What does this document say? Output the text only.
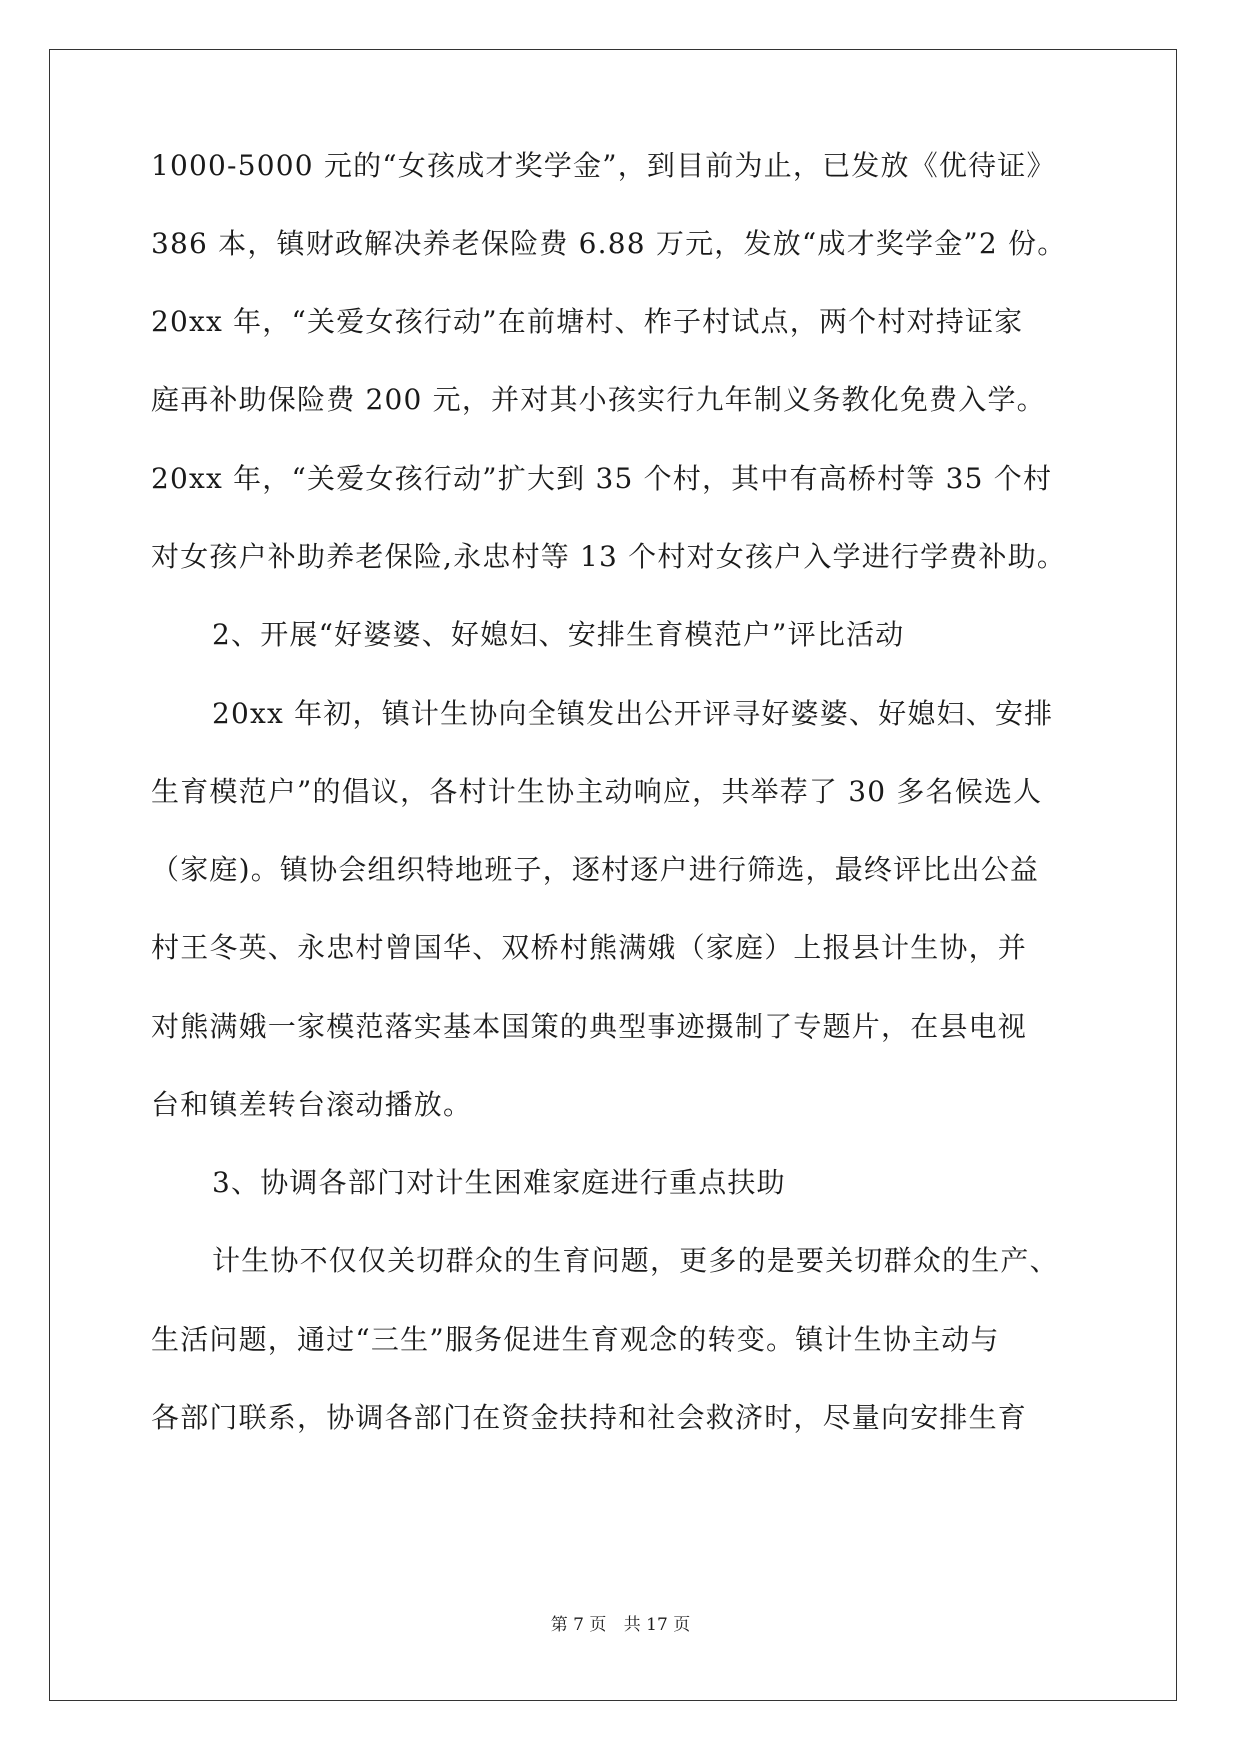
1000-5000 元的“女孩成才奖学金”，到目前为止，已发放《优待证》
386 本，镇财政解决养老保险费 6.88 万元，发放“成才奖学金”2 份。
20xx 年，“关爱女孩行动”在前塘村、柞子村试点，两个村对持证家
庭再补助保险费 200 元，并对其小孩实行九年制义务教化免费入学。
20xx 年，“关爱女孩行动”扩大到 35 个村，其中有高桥村等 35 个村
对女孩户补助养老保险,永忠村等 13 个村对女孩户入学进行学费补助。
2、开展“好婆婆、好媳妇、安排生育模范户”评比活动
20xx 年初，镇计生协向全镇发出公开评寻好婆婆、好媳妇、安排
生育模范户”的倡议，各村计生协主动响应，共举荐了 30 多名候选人
（家庭)。镇协会组织特地班子，逐村逐户进行筛选，最终评比出公益
村王冬英、永忠村曾国华、双桥村熊满娥（家庭）上报县计生协，并
对熊满娥一家模范落实基本国策的典型事迹摄制了专题片，在县电视
台和镇差转台滚动播放。
3、协调各部门对计生困难家庭进行重点扶助
计生协不仅仅关切群众的生育问题，更多的是要关切群众的生产、
生活问题，通过“三生”服务促进生育观念的转变。镇计生协主动与
各部门联系，协调各部门在资金扶持和社会救济时，尽量向安排生育
第 7 页 共 17 页
